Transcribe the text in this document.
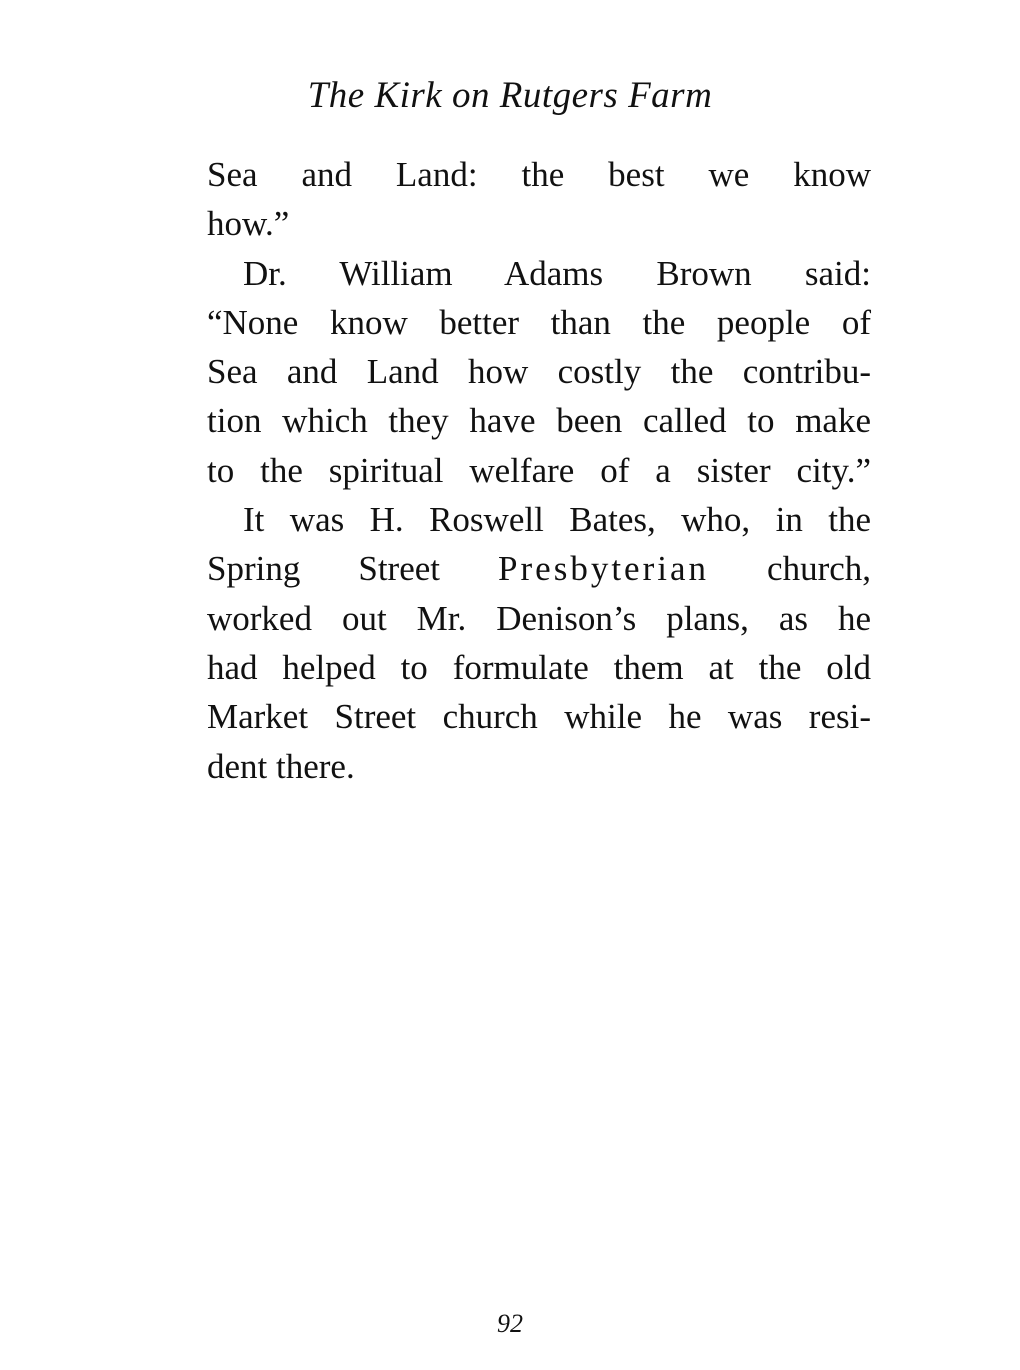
The Kirk on Rutgers Farm
Sea and Land: the best we know
how.”
Dr. William Adams Brown said:
“None know better than the people of
Sea and Land how costly the contribu-
tion which they have been called to make
to the spiritual welfare of a sister city.”
It was H. Roswell Bates, who, in the
Spring Street Presbyterian church,
worked out Mr. Denison’s plans, as he
had helped to formulate them at the old
Market Street church while he was resi-
dent there.
92
